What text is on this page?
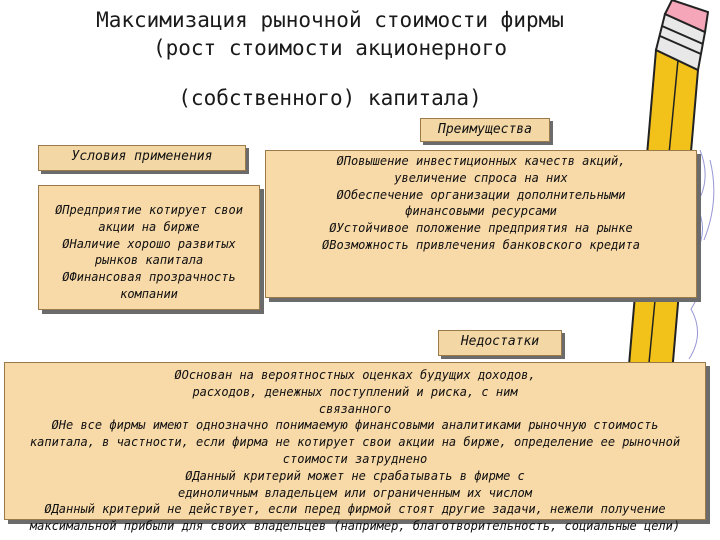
Максимизация рыночной стоимости фирмы
(рост стоимости акционерного
(собственного) капитала)
Условия применения

ØПредприятие котирует свои акции на бирже

ØНаличие хорошо развитых рынков капитала

ØФинансовая прозрачность компании

Преимущества

ØПовышение инвестиционных качеств акций, увеличение спроса на них

ØОбеспечение организации дополнительными финансовыми ресурсами

ØУстойчивое положение предприятия на рынке

ØВозможность привлечения банковского кредита

Недостатки

ØОснован на вероятностных оценках будущих доходов, расходов, денежных поступлений и риска, с ним связанного

ØНе все фирмы имеют однозначно понимаемую финансовыми аналитиками рыночную стоимость капитала, в частности, если фирма не котирует свои акции на бирже, определение ее рыночной стоимости затруднено

ØДанный критерий может не срабатывать в фирме с единоличным владельцем или ограниченным их числом

ØДанный критерий не действует, если перед фирмой стоят другие задачи, нежели получение максимальной прибыли для своих владельцев (например, благотворительность, социальные цели)
